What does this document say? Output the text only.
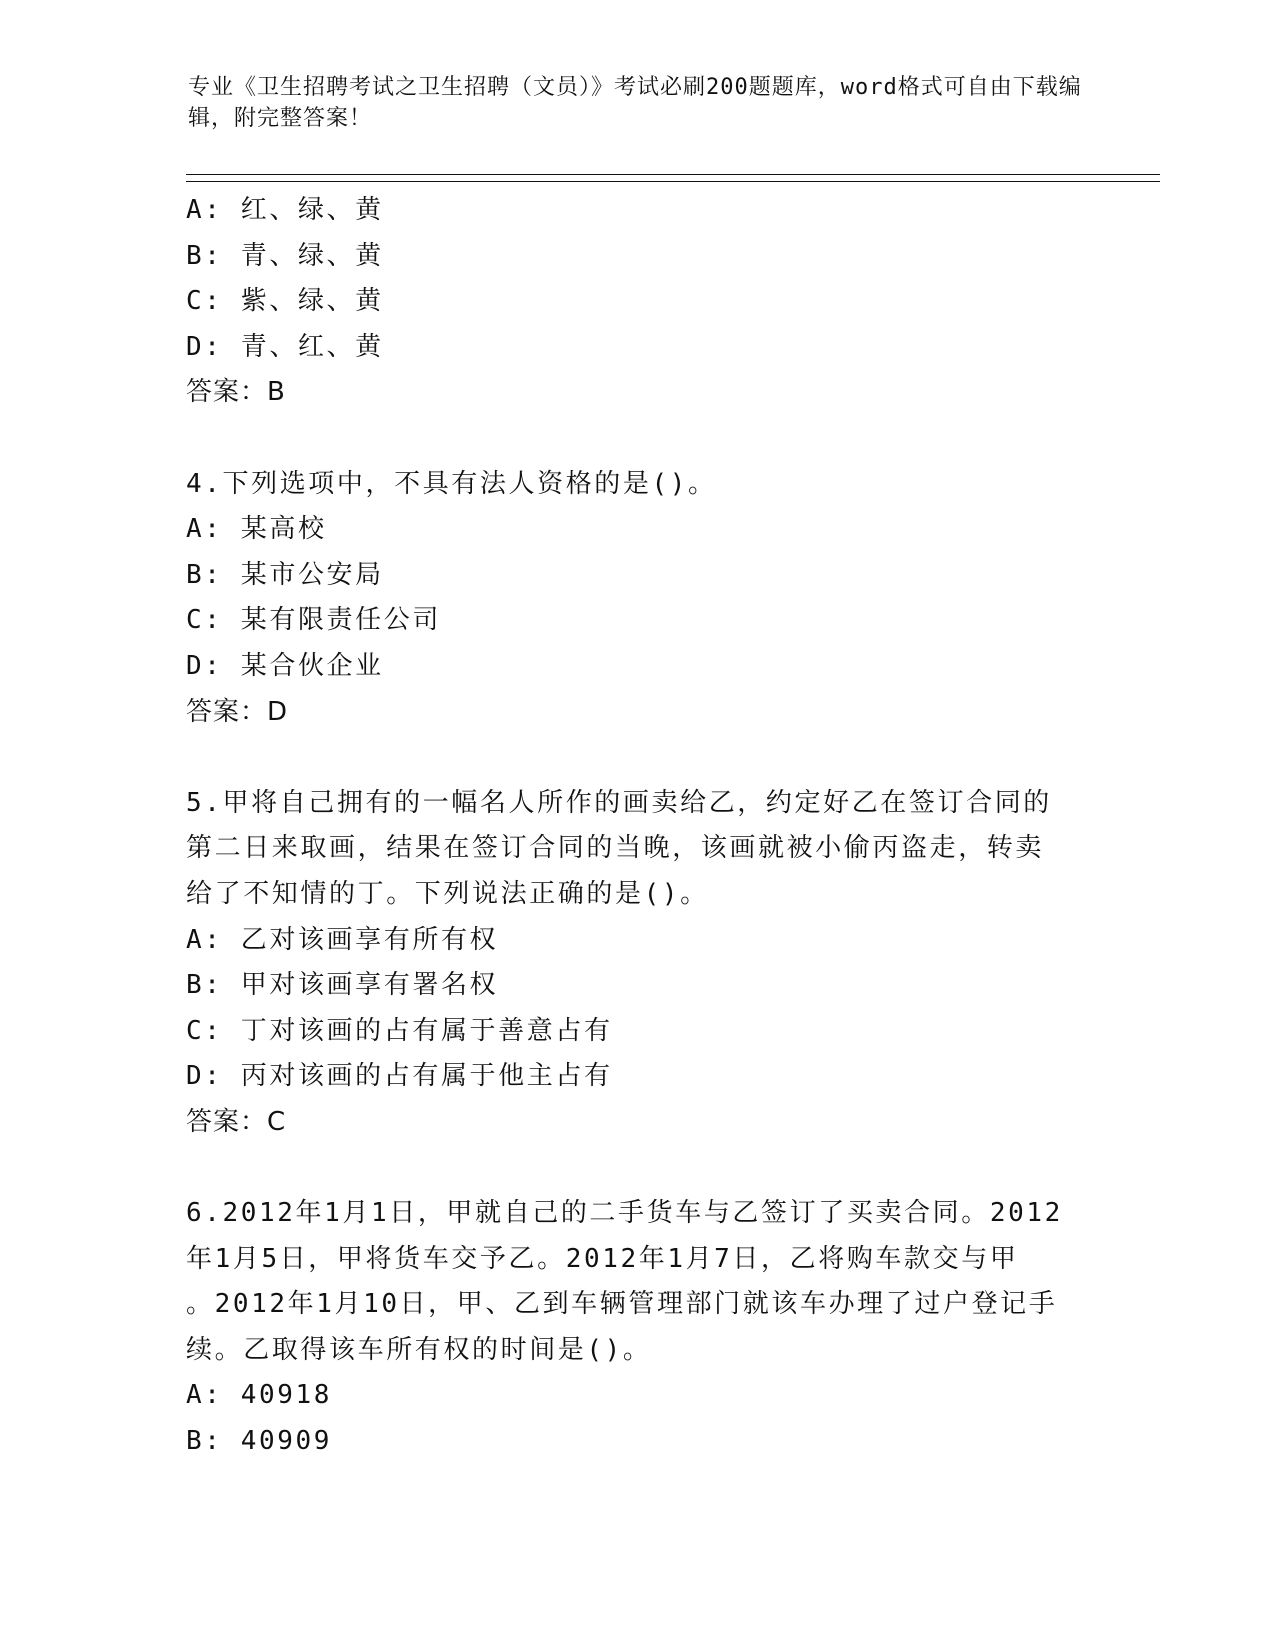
专业《卫生招聘考试之卫生招聘（文员）》考试必刷200题题库，word格式可自由下载编辑，附完整答案！
A: 红、绿、黄
B: 青、绿、黄
C: 紫、绿、黄
D: 青、红、黄
答案：B
4.下列选项中，不具有法人资格的是()。
A: 某高校
B: 某市公安局
C: 某有限责任公司
D: 某合伙企业
答案：D
5.甲将自己拥有的一幅名人所作的画卖给乙，约定好乙在签订合同的
第二日来取画，结果在签订合同的当晚，该画就被小偷丙盗走，转卖
给了不知情的丁。下列说法正确的是()。
A: 乙对该画享有所有权
B: 甲对该画享有署名权
C: 丁对该画的占有属于善意占有
D: 丙对该画的占有属于他主占有
答案：C
6.2012年1月1日，甲就自己的二手货车与乙签订了买卖合同。2012
年1月5日，甲将货车交予乙。2012年1月7日，乙将购车款交与甲
。2012年1月10日，甲、乙到车辆管理部门就该车办理了过户登记手
续。乙取得该车所有权的时间是()。
A: 40918
B: 40909
